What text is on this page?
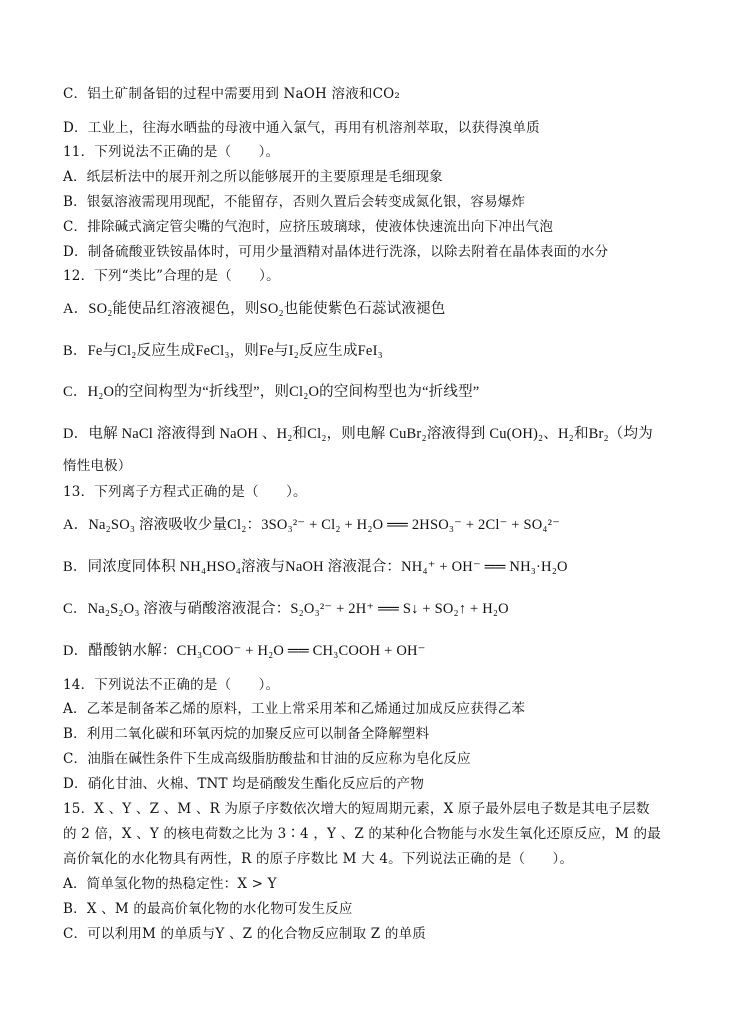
C．铝土矿制备铝的过程中需要用到 NaOH 溶液和CO₂
D．工业上，往海水晒盐的母液中通入氯气，再用有机溶剂萃取，以获得溴单质
11．下列说法不正确的是（　　）。
A．纸层析法中的展开剂之所以能够展开的主要原理是毛细现象
B．银氨溶液需现用现配，不能留存，否则久置后会转变成氮化银，容易爆炸
C．排除碱式滴定管尖嘴的气泡时，应挤压玻璃球，使液体快速流出向下冲出气泡
D．制备硫酸亚铁铵晶体时，可用少量酒精对晶体进行洗涤，以除去附着在晶体表面的水分
12．下列“类比”合理的是（　　）。
A．SO₂能使品红溶液褪色，则SO₂也能使紫色石蕊试液褪色
B．Fe与Cl₂反应生成FeCl₃，则Fe与I₂反应生成FeI₃
C．H₂O的空间构型为“折线型”，则Cl₂O的空间构型也为“折线型”
D．电解 NaCl 溶液得到 NaOH 、H₂和Cl₂，则电解 CuBr₂溶液得到 Cu(OH)₂、H₂和Br₂（均为
惰性电极）
13．下列离子方程式正确的是（　　）。
A．Na₂SO₃ 溶液吸收少量Cl₂：3SO₃²⁻ + Cl₂ + H₂O ══ 2HSO₃⁻ + 2Cl⁻ + SO₄²⁻
B．同浓度同体积 NH₄HSO₄溶液与NaOH 溶液混合：NH₄⁺ + OH⁻ ══ NH₃·H₂O
C．Na₂S₂O₃ 溶液与硝酸溶液混合：S₂O₃²⁻ + 2H⁺ ══ S↓ + SO₂↑ + H₂O
D．醋酸钠水解：CH₃COO⁻ + H₂O ══ CH₃COOH + OH⁻
14．下列说法不正确的是（　　）。
A．乙苯是制备苯乙烯的原料，工业上常采用苯和乙烯通过加成反应获得乙苯
B．利用二氧化碳和环氧丙烷的加聚反应可以制备全降解塑料
C．油脂在碱性条件下生成高级脂肪酸盐和甘油的反应称为皂化反应
D．硝化甘油、火棉、TNT 均是硝酸发生酯化反应后的产物
15．X 、Y 、Z 、M 、R 为原子序数依次增大的短周期元素，X 原子最外层电子数是其电子层数
的 2 倍，X 、Y 的核电荷数之比为 3∶4 ，Y 、Z 的某种化合物能与水发生氧化还原反应，M 的最
高价氧化的水化物具有两性，R 的原子序数比 M 大 4。下列说法正确的是（　　）。
A．简单氢化物的热稳定性：X > Y
B．X 、M 的最高价氧化物的水化物可发生反应
C．可以利用M 的单质与Y 、Z 的化合物反应制取 Z 的单质
